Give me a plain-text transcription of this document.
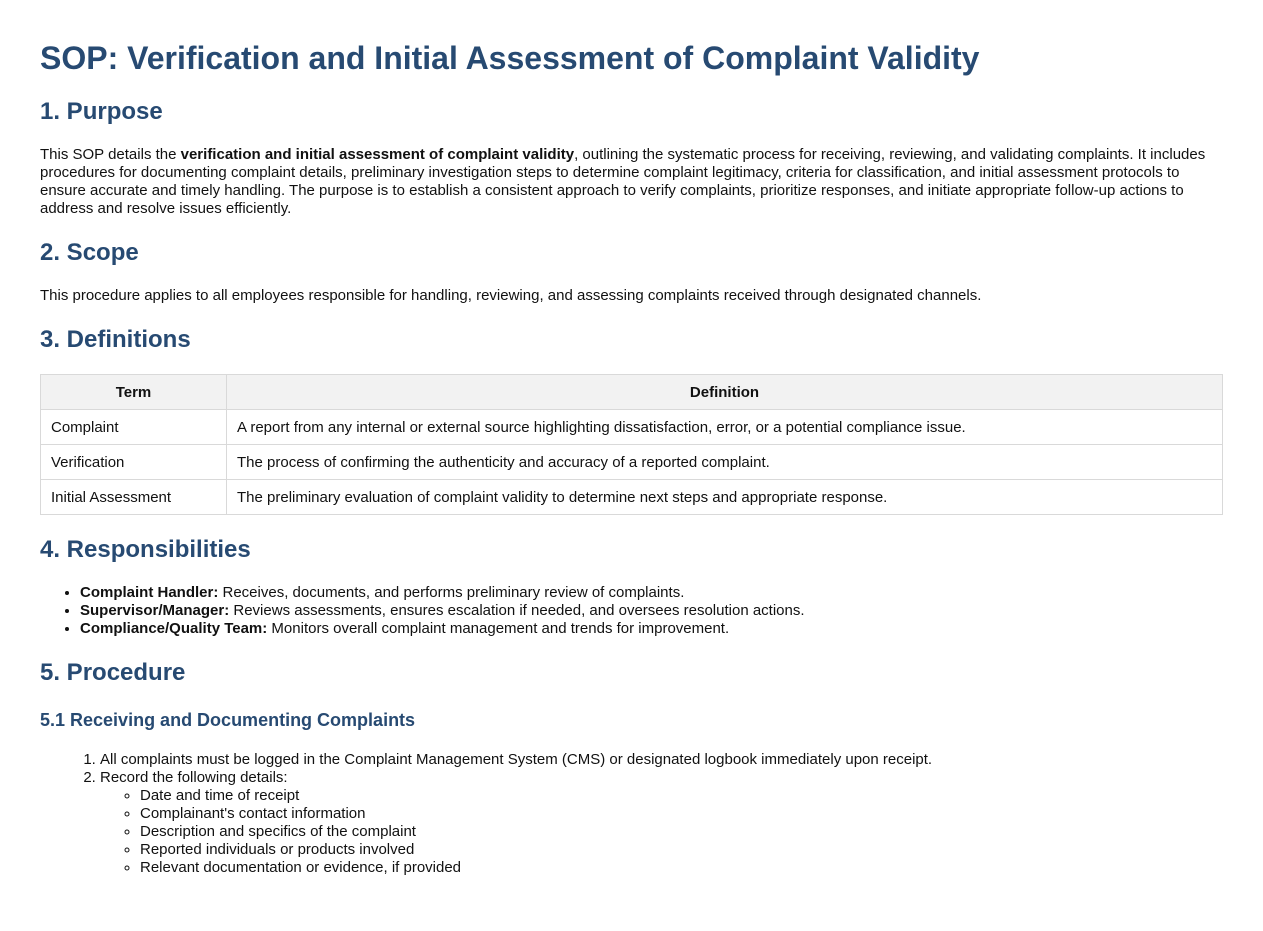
SOP: Verification and Initial Assessment of Complaint Validity
1. Purpose

This SOP details the verification and initial assessment of complaint validity, outlining the systematic process for receiving, reviewing, and validating complaints. It includes procedures for documenting complaint details, preliminary investigation steps to determine complaint legitimacy, criteria for classification, and initial assessment protocols to ensure accurate and timely handling. The purpose is to establish a consistent approach to verify complaints, prioritize responses, and initiate appropriate follow-up actions to address and resolve issues efficiently.

2. Scope

This procedure applies to all employees responsible for handling, reviewing, and assessing complaints received through designated channels.

3. Definitions
Term	Definition
Complaint	A report from any internal or external source highlighting dissatisfaction, error, or a potential compliance issue.
Verification	The process of confirming the authenticity and accuracy of a reported complaint.
Initial Assessment	The preliminary evaluation of complaint validity to determine next steps and appropriate response.
4. Responsibilities
• Complaint Handler: Receives, documents, and performs preliminary review of complaints.
• Supervisor/Manager: Reviews assessments, ensures escalation if needed, and oversees resolution actions.
• Compliance/Quality Team: Monitors overall complaint management and trends for improvement.
5. Procedure
5.1 Receiving and Documenting Complaints
1. All complaints must be logged in the Complaint Management System (CMS) or designated logbook immediately upon receipt.
2. Record the following details:
◦ Date and time of receipt
◦ Complainant's contact information
◦ Description and specifics of the complaint
◦ Reported individuals or products involved
◦ Relevant documentation or evidence, if provided
